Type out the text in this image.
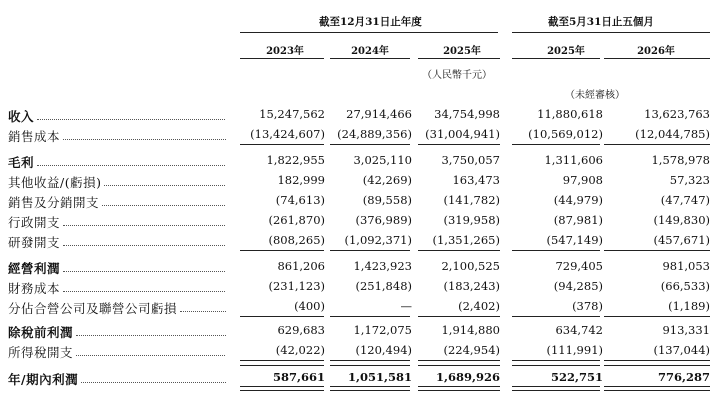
截至12月31日止年度	截至5月31日止五個月
2023年	2024年	2025年	2025年	2026年
（人民幣千元）
（未經審核）
收入	15,247,562	27,914,466	34,754,998	11,880,618	13,623,763
銷售成本	(13,424,607)	(24,889,356)	(31,004,941)	(10,569,012)	(12,044,785)
毛利	1,822,955	3,025,110	3,750,057	1,311,606	1,578,978
其他收益/(虧損)	182,999	(42,269)	163,473	97,908	57,323
銷售及分銷開支	(74,613)	(89,558)	(141,782)	(44,979)	(47,747)
行政開支	(261,870)	(376,989)	(319,958)	(87,981)	(149,830)
研發開支	(808,265)	(1,092,371)	(1,351,265)	(547,149)	(457,671)
經營利潤	861,206	1,423,923	2,100,525	729,405	981,053
財務成本	(231,123)	(251,848)	(183,243)	(94,285)	(66,533)
分佔合營公司及聯營公司虧損	(400)	—	(2,402)	(378)	(1,189)
除稅前利潤	629,683	1,172,075	1,914,880	634,742	913,331
所得稅開支	(42,022)	(120,494)	(224,954)	(111,991)	(137,044)
年/期內利潤	587,661	1,051,581	1,689,926	522,751	776,287
